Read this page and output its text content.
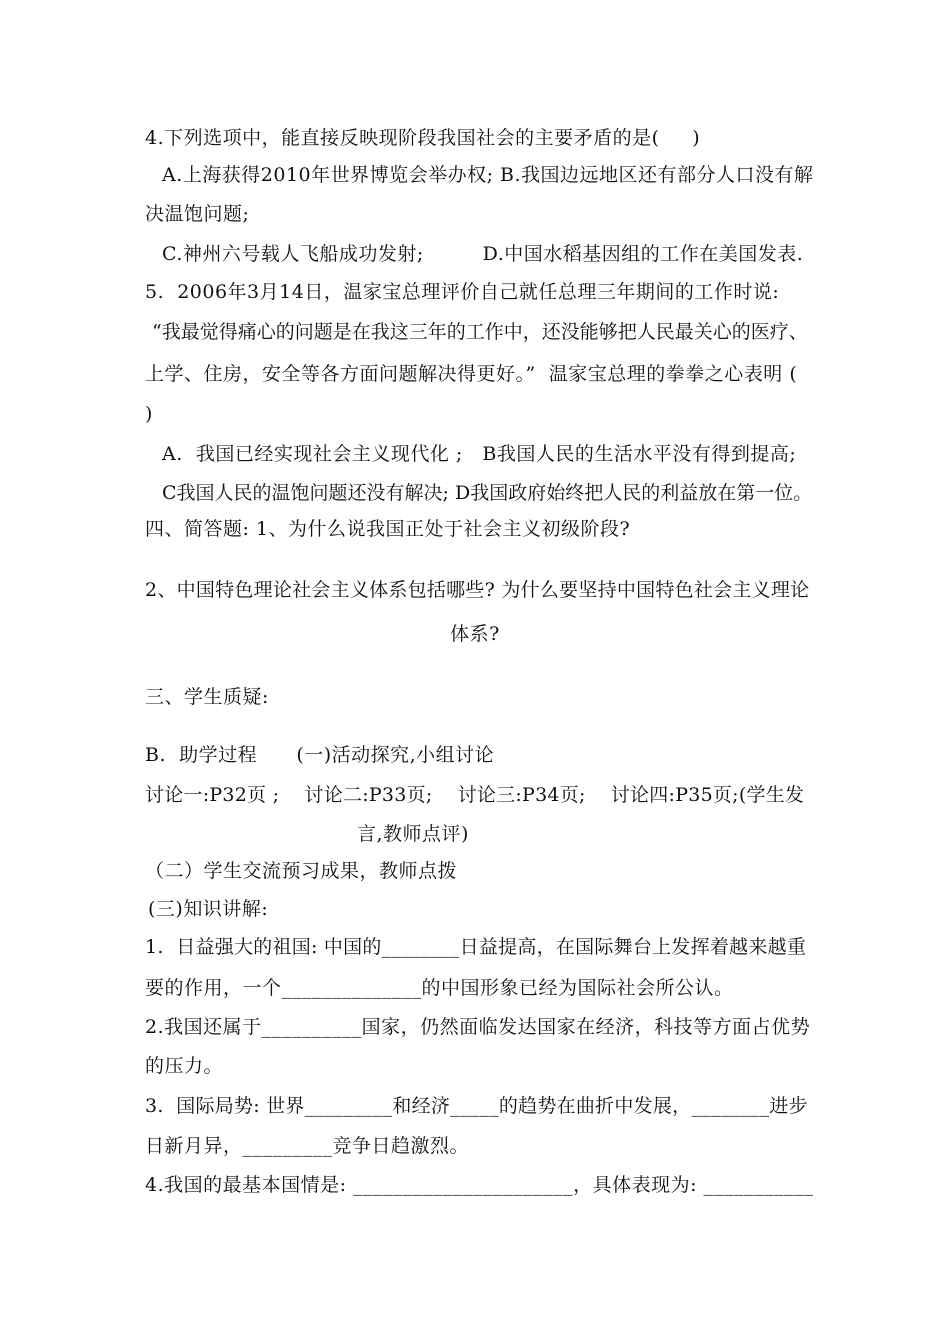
4.下列选项中，能直接反映现阶段我国社会的主要矛盾的是(     )
A.上海获得2010年世界博览会举办权; B.我国边远地区还有部分人口没有解
决温饱问题;
C.神州六号载人飞船成功发射;         D.中国水稻基因组的工作在美国发表.
5.  2006年3月14日，温家宝总理评价自己就任总理三年期间的工作时说:
“我最觉得痛心的问题是在我这三年的工作中，还没能够把人民最关心的医疗、
上学、住房，安全等各方面问题解决得更好。”  温家宝总理的拳拳之心表明 (
)
A.  我国已经实现社会主义现代化 ;   B我国人民的生活水平没有得到提高;
C我国人民的温饱问题还没有解决; D我国政府始终把人民的利益放在第一位。
四、简答题: 1、为什么说我国正处于社会主义初级阶段?
2、中国特色理论社会主义体系包括哪些? 为什么要坚持中国特色社会主义理论
体系?
三、学生质疑:
B.  助学过程      (一)活动探究,小组讨论
讨论一:P32页 ;    讨论二:P33页;    讨论三:P34页;    讨论四:P35页;(学生发
言,教师点评)
（二）学生交流预习成果，教师点拨
(三)知识讲解:
1.  日益强大的祖国: 中国的________日益提高，在国际舞台上发挥着越来越重
要的作用，一个______________的中国形象已经为国际社会所公认。
2.我国还属于__________国家，仍然面临发达国家在经济，科技等方面占优势
的压力。
3.  国际局势: 世界_________和经济_____的趋势在曲折中发展，________进步
日新月异，_________竞争日趋激烈。
4.我国的最基本国情是: ______________________，具体表现为: ___________
